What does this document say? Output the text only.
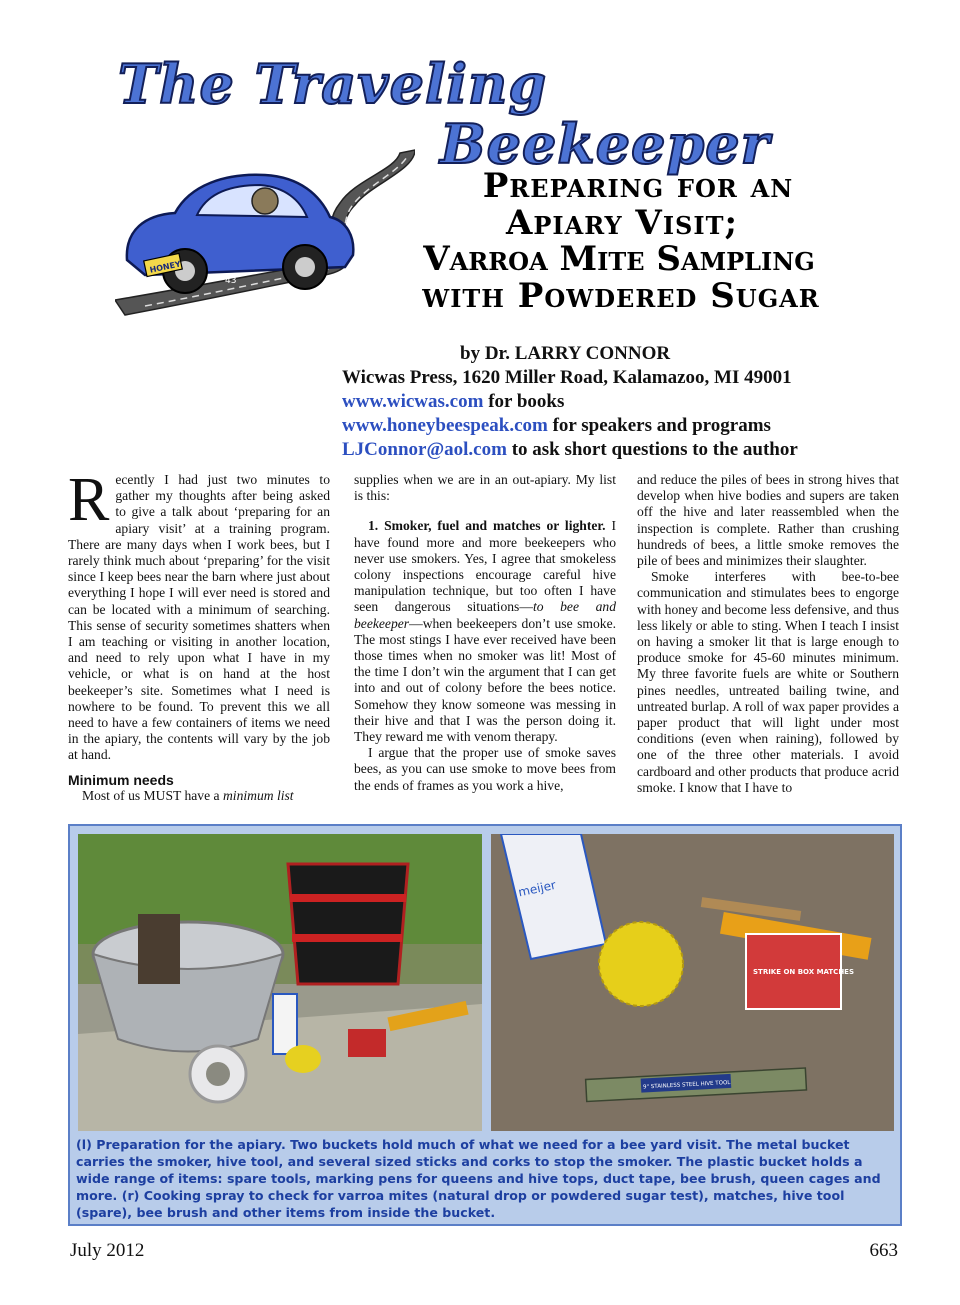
The Traveling
Beekeeper
HONEY
43
Preparing for an
Apiary Visit;
Varroa Mite Sampling
with Powdered Sugar
by Dr. LARRY CONNOR
Wicwas Press, 1620 Miller Road, Kalamazoo, MI 49001
www.wicwas.com for books
www.honeybeespeak.com for speakers and programs
LJConnor@aol.com to ask short questions to the author
R ecently I had just two minutes to gather my thoughts after being asked to give a talk about ‘preparing for an apiary visit’ at a training program. There are many days when I work bees, but I rarely think much about ‘preparing’ for the visit since I keep bees near the barn where just about everything I hope I will ever need is stored and can be located with a minimum of searching. This sense of security sometimes shatters when I am teaching or visiting in another location, and need to rely upon what I have in my vehicle, or what is on hand at the host beekeeper’s site. Sometimes what I need is nowhere to be found. To prevent this we all need to have a few containers of items we need in the apiary, the contents will vary by the job at hand.

Minimum needs

Most of us MUST have a minimum list

supplies when we are in an out-apiary. My list is this:

1. Smoker, fuel and matches or lighter. I have found more and more beekeepers who never use smokers. Yes, I agree that smokeless colony inspections encourage careful hive manipulation technique, but too often I have seen dangerous situations—to bee and beekeeper—when beekeepers don’t use smoke. The most stings I have ever received have been those times when no smoker was lit! Most of the time I don’t win the argument that I can get into and out of colony before the bees notice. Somehow they know someone was messing in their hive and that I was the person doing it. They reward me with venom therapy.

I argue that the proper use of smoke saves bees, as you can use smoke to move bees from the ends of frames as you work a hive,

and reduce the piles of bees in strong hives that develop when hive bodies and supers are taken off the hive and later reassembled when the inspection is complete. Rather than crushing hundreds of bees, a little smoke removes the pile of bees and minimizes their slaughter.

Smoke interferes with bee-to-bee communication and stimulates bees to engorge with honey and become less defensive, and thus less likely or able to sting. When I teach I insist on having a smoker lit that is large enough to produce smoke for 45-60 minutes minimum. My three favorite fuels are white or Southern pines needles, untreated bailing twine, and untreated burlap. A roll of wax paper provides a paper product that will light under most conditions (even when raining), followed by one of the three other materials. I avoid cardboard and other products that produce acrid smoke. I know that I have to

meijer
STRIKE ON BOX MATCHES
9" STAINLESS STEEL HIVE TOOL
(l) Preparation for the apiary. Two buckets hold much of what we need for a bee yard visit. The metal bucket carries the smoker, hive tool, and several sized sticks and corks to stop the smoker. The plastic bucket holds a wide range of items: spare tools, marking pens for queens and hive tops, duct tape, bee brush, queen cages and more. (r) Cooking spray to check for varroa mites (natural drop or powdered sugar test), matches, hive tool (spare), bee brush and other items from inside the bucket.
July 2012	663
